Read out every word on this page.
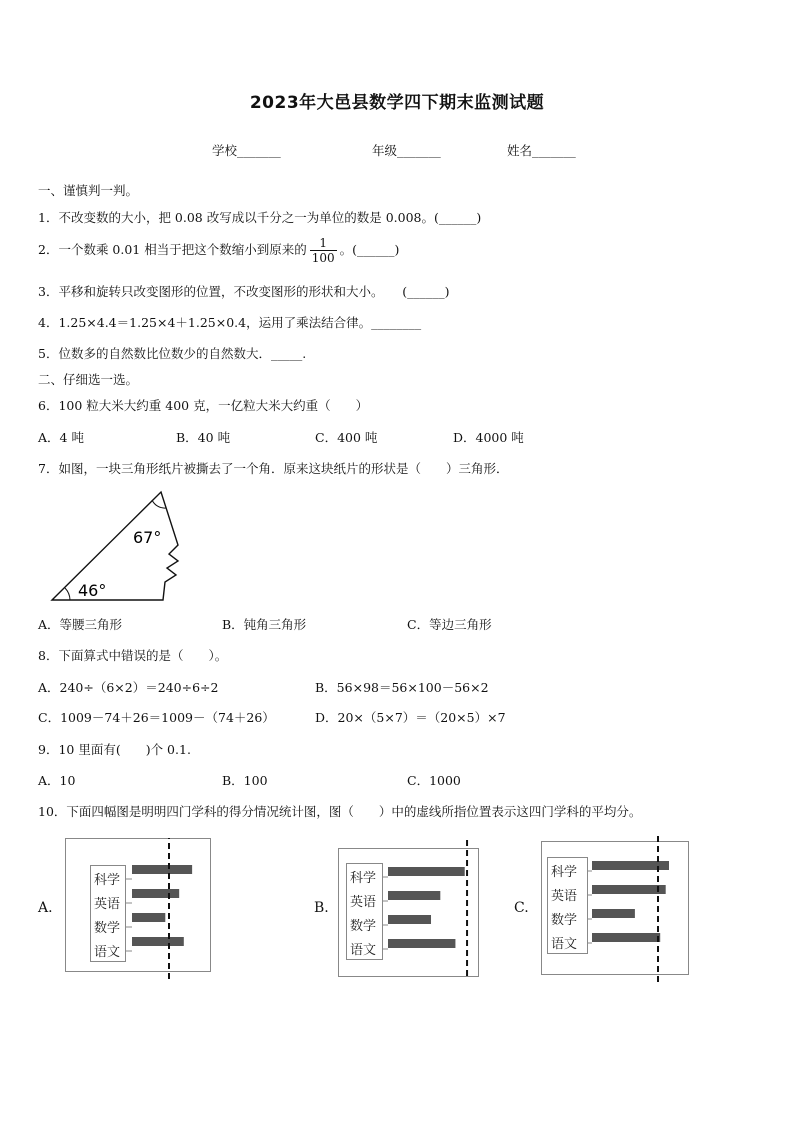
2023年大邑县数学四下期末监测试题
学校_______	年级_______	姓名_______
一、谨慎判一判。
1．不改变数的大小，把 0.08 改写成以千分之一为单位的数是 0.008。(______)
2．一个数乘 0.01 相当于把这个数缩小到原来的 $\frac{1}{100}$ 。(______)
3．平移和旋转只改变图形的位置，不改变图形的形状和大小。　　(______)
4．1.25×4.4＝1.25×4＋1.25×0.4，运用了乘法结合律。________
5．位数多的自然数比位数少的自然数大．_____.
二、仔细选一选。
6．100 粒大米大约重 400 克，一亿粒大米大约重（　　）
A．4 吨	B．40 吨	C．400 吨	D．4000 吨
7．如图，一块三角形纸片被撕去了一个角．原来这块纸片的形状是（　　）三角形．
67°
46°
A．等腰三角形	B．钝角三角形	C．等边三角形
8．下面算式中错误的是（　　）。
A．240÷（6×2）＝240÷6÷2	B．56×98＝56×100－56×2
C．1009－74＋26＝1009－（74＋26）	D．20×（5×7）＝（20×5）×7
9．10 里面有(　　)个 0.1.
A．10	B．100	C．1000
10．下面四幅图是明明四门学科的得分情况统计图，图（　　）中的虚线所指位置表示这四门学科的平均分。
A.	B.	C.
科学
英语
数学
语文
科学
英语
数学
语文
科学
英语
数学
语文
